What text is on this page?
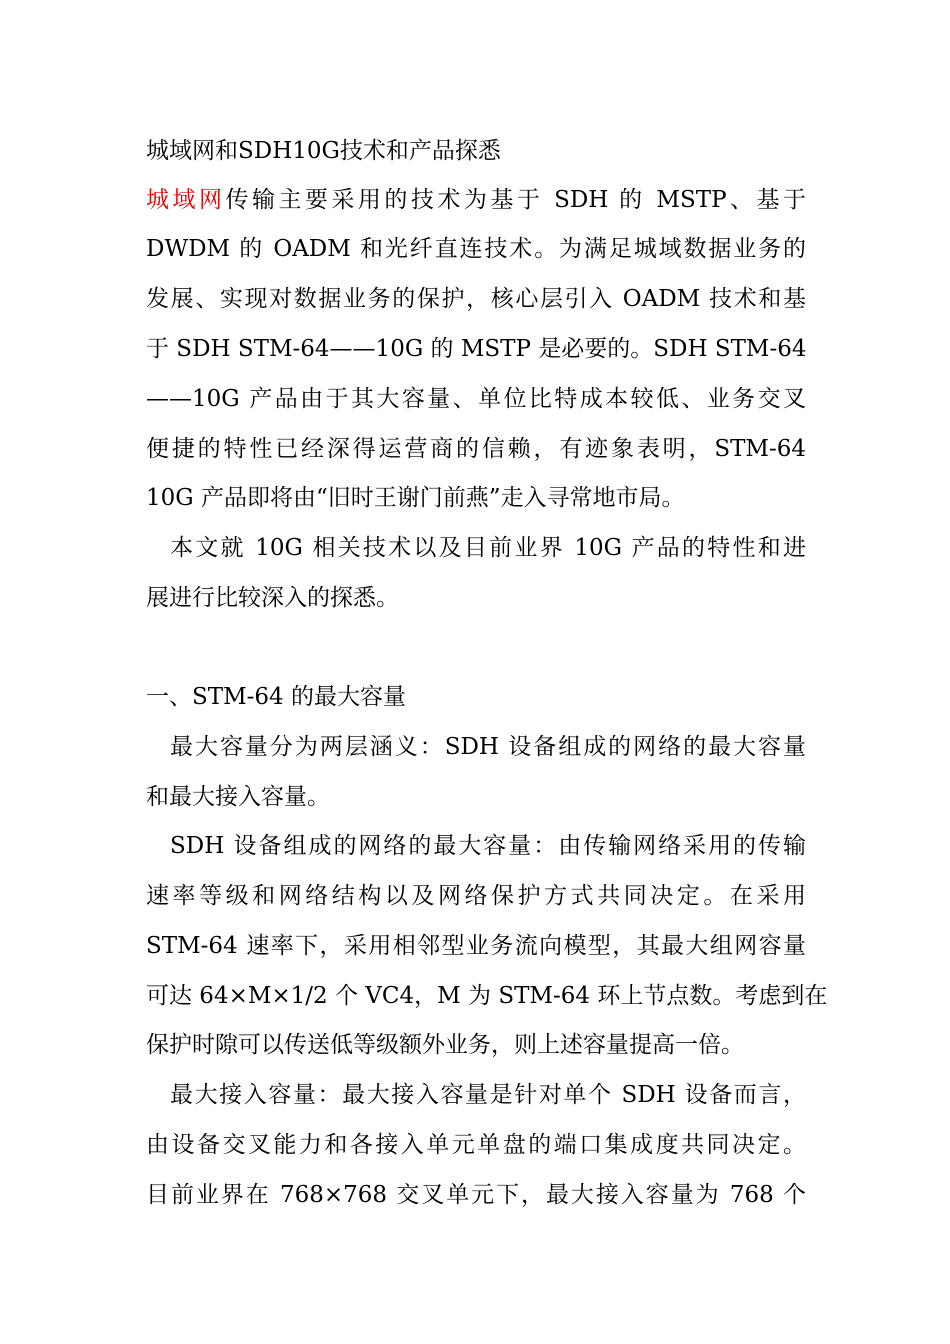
城域网和SDH10G技术和产品探悉
城域网传输主要采用的技术为基于 SDH 的 MSTP、基于
DWDM 的 OADM 和光纤直连技术。为满足城域数据业务的
发展、实现对数据业务的保护，核心层引入 OADM 技术和基
于 SDH STM-64——10G 的 MSTP 是必要的。SDH STM-64
——10G 产品由于其大容量、单位比特成本较低、业务交叉
便捷的特性已经深得运营商的信赖，有迹象表明，STM-64
10G 产品即将由“旧时王谢门前燕”走入寻常地市局。
本文就 10G 相关技术以及目前业界 10G 产品的特性和进
展进行比较深入的探悉。
一、STM-64 的最大容量
最大容量分为两层涵义：SDH 设备组成的网络的最大容量
和最大接入容量。
SDH 设备组成的网络的最大容量：由传输网络采用的传输
速率等级和网络结构以及网络保护方式共同决定。在采用
STM-64 速率下，采用相邻型业务流向模型，其最大组网容量
可达 64×M×1/2 个 VC4，M 为 STM-64 环上节点数。考虑到在
保护时隙可以传送低等级额外业务，则上述容量提高一倍。
最大接入容量：最大接入容量是针对单个 SDH 设备而言，
由设备交叉能力和各接入单元单盘的端口集成度共同决定。
目前业界在 768×768 交叉单元下，最大接入容量为 768 个
